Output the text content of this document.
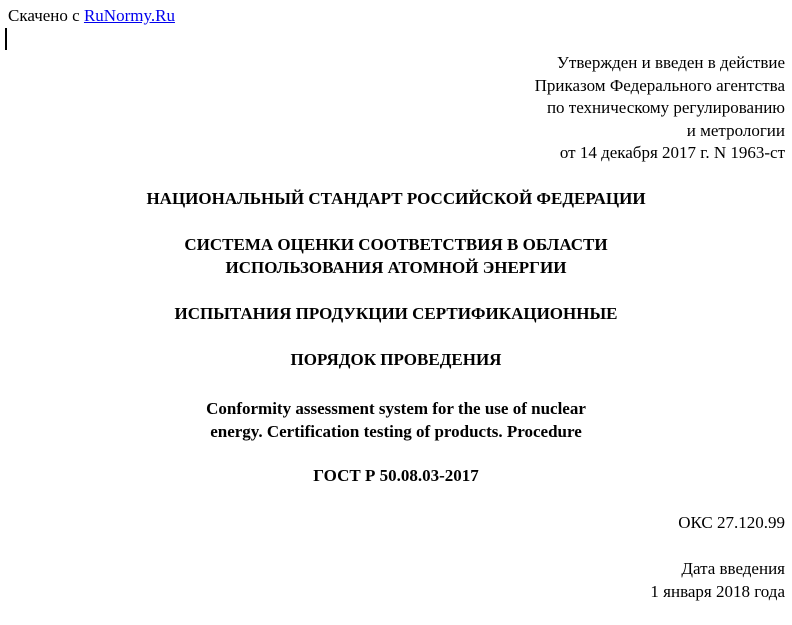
Скачено с RuNormy.Ru
Утвержден и введен в действие
Приказом Федерального агентства
по техническому регулированию
и метрологии
от 14 декабря 2017 г. N 1963-ст
НАЦИОНАЛЬНЫЙ СТАНДАРТ РОССИЙСКОЙ ФЕДЕРАЦИИ
СИСТЕМА ОЦЕНКИ СООТВЕТСТВИЯ В ОБЛАСТИ
ИСПОЛЬЗОВАНИЯ АТОМНОЙ ЭНЕРГИИ
ИСПЫТАНИЯ ПРОДУКЦИИ СЕРТИФИКАЦИОННЫЕ
ПОРЯДОК ПРОВЕДЕНИЯ
Conformity assessment system for the use of nuclear
energy. Certification testing of products. Procedure
ГОСТ Р 50.08.03-2017
ОКС 27.120.99
Дата введения
1 января 2018 года
